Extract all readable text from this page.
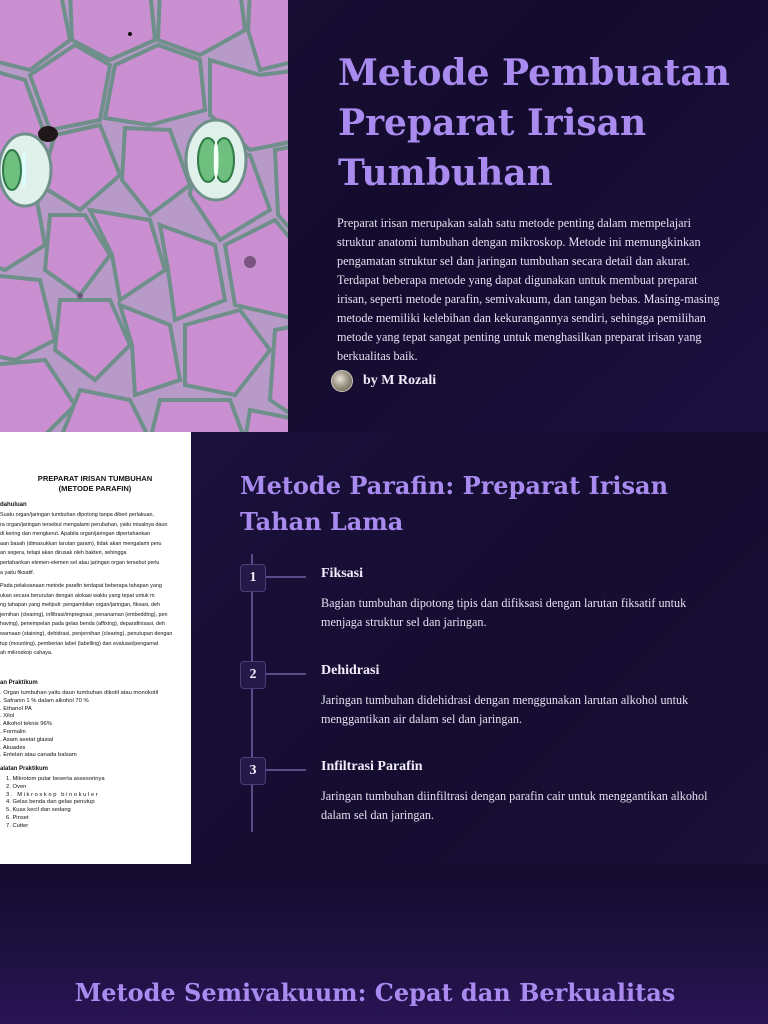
Metode Pembuatan Preparat Irisan Tumbuhan

Preparat irisan merupakan salah satu metode penting dalam mempelajari struktur anatomi tumbuhan dengan mikroskop. Metode ini memungkinkan pengamatan struktur sel dan jaringan tumbuhan secara detail dan akurat. Terdapat beberapa metode yang dapat digunakan untuk membuat preparat irisan, seperti metode parafin, semivakuum, dan tangan bebas. Masing-masing metode memiliki kelebihan dan kekurangannya sendiri, sehingga pemilihan metode yang tepat sangat penting untuk menghasilkan preparat irisan yang berkualitas baik.

by M Rozali

PREPARAT IRISAN TUMBUHAN
(METODE PARAFIN)

dahuluan

Suatu organ/jaringan tumbuhan dipotong tanpa diberi perlakuan,
ra organ/jaringan tersebut mengalami perubahan, yaitu misalnya daun
di kering dan mengkerut. Apabila organ/jaringan dipertahankan
aan basah (dimasukkan larutan garam), tidak akan mengalami peru
an segera, tetapi akan dirusak oleh bakteri, sehingga
pertahankan elemen-elemen sel atau jaringan organ tersebut perlu
a yaitu fiksatif.
Pada pelaksanaan metode parafin terdapat beberapa tahapan yang
ukan secara berurutan dengan alokasi waktu yang tepat untuk m
ng tahapan yang meliputi: pengambilan organ/jaringan, fiksasi, deh
jernihan (clearing), infiltrasi/impregnasi, penanaman (embedding), pen
having), penempelan pada gelas benda (affixing), deparafinisasi, deh
warnaan (staining), dehidrasi, penjernihan (clearing), penutupan dengan
tup (mounting), pemberian label (labelling) dan evaluasi/pengamat
ah mikroskop cahaya.

an Praktikum

. Organ tumbuhan yaitu daun tumbuhan dikotil atau monokotil
. Safranin 1 % dalam alkohol 70 %
. Ethanol PA
. Xilol
. Alkohol teknis 96%
. Formalin
. Asam asetat glasial
. Akuades
. Entelan atau canada balsam

alatan Praktikum

1. Mikrotom putar beserta assesorinya
2. Oven
3. Mikroskop binokuler
4. Gelas benda dan gelas penutup
5. Kuas kecil dan sedang
6. Pinset
7. Cutter
Metode Parafin: Preparat Irisan Tahan Lama
1	Fiksasi

Bagian tumbuhan dipotong tipis dan difiksasi dengan larutan fiksatif untuk menjaga struktur sel dan jaringan.

2	Dehidrasi

Jaringan tumbuhan didehidrasi dengan menggunakan larutan alkohol untuk menggantikan air dalam sel dan jaringan.

3	Infiltrasi Parafin

Jaringan tumbuhan diinfiltrasi dengan parafin cair untuk menggantikan alkohol dalam sel dan jaringan.

Metode Semivakuum: Cepat dan Berkualitas
